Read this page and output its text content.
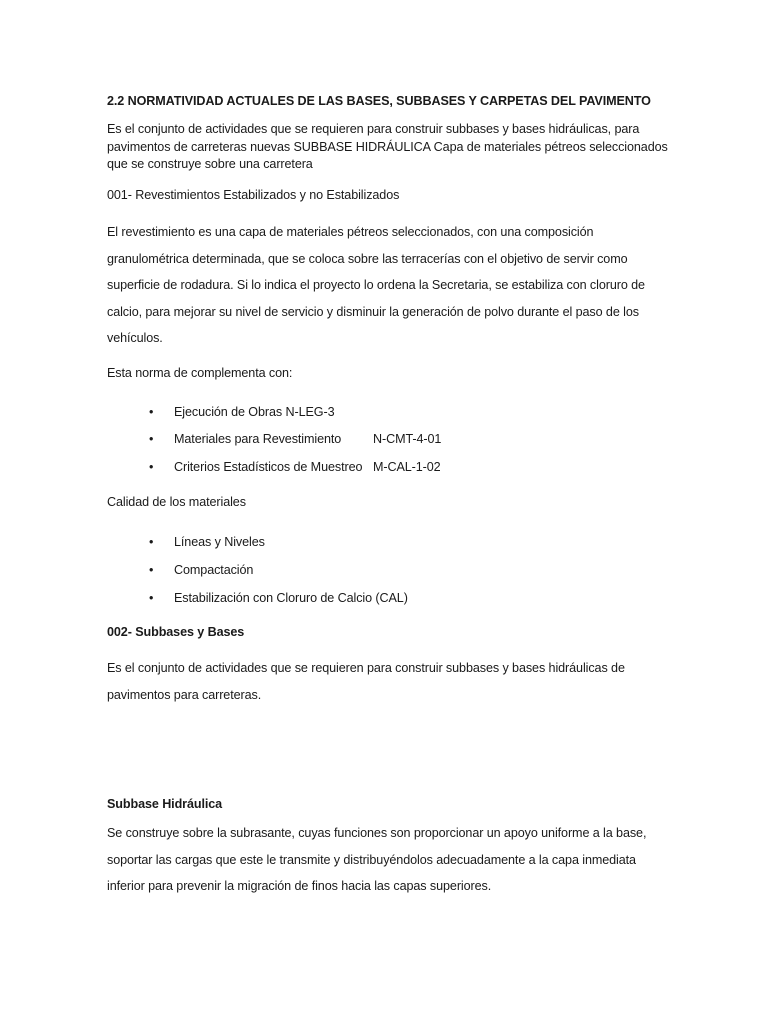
2.2 NORMATIVIDAD ACTUALES DE LAS BASES, SUBBASES Y CARPETAS DEL PAVIMENTO
Es el conjunto de actividades que se requieren para construir subbases y bases hidráulicas, para
pavimentos de carreteras nuevas SUBBASE HIDRÁULICA Capa de materiales pétreos seleccionados
que se construye sobre una carretera
001- Revestimientos Estabilizados y no Estabilizados
El revestimiento es una capa de materiales pétreos seleccionados, con una composición
granulométrica determinada, que se coloca sobre las terracerías con el objetivo de servir como
superficie de rodadura. Si lo indica el proyecto lo ordena la Secretaria, se estabiliza con cloruro de
calcio, para mejorar su nivel de servicio y disminuir la generación de polvo durante el paso de los
vehículos.
Esta norma de complementa con:
• Ejecución de Obras N-LEG-3
• Materiales para Revestimiento	N-CMT-4-01
• Criterios Estadísticos de Muestreo M-CAL-1-02
Calidad de los materiales
• Líneas y Niveles
• Compactación
• Estabilización con Cloruro de Calcio (CAL)
002- Subbases y Bases
Es el conjunto de actividades que se requieren para construir subbases y bases hidráulicas de
pavimentos para carreteras.
Subbase Hidráulica
Se construye sobre la subrasante, cuyas funciones son proporcionar un apoyo uniforme a la base,
soportar las cargas que este le transmite y distribuyéndolos adecuadamente a la capa inmediata
inferior para prevenir la migración de finos hacia las capas superiores.
